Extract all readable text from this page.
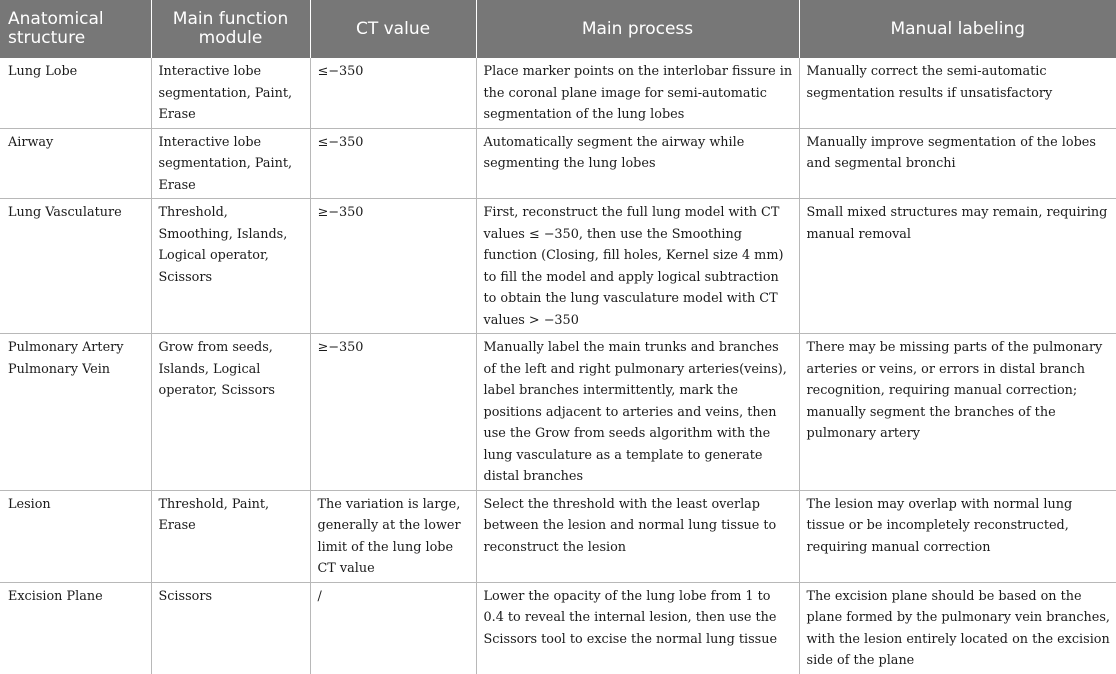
Anatomical structure	Main function module	CT value	Main process	Manual labeling
Lung Lobe	Interactive lobe segmentation, Paint, Erase	≤−350	Place marker points on the interlobar fissure in the coronal plane image for semi-automatic segmentation of the lung lobes	Manually correct the semi-automatic segmentation results if unsatisfactory
Airway	Interactive lobe segmentation, Paint, Erase	≤−350	Automatically segment the airway while segmenting the lung lobes	Manually improve segmentation of the lobes and segmental bronchi
Lung Vasculature	Threshold, Smoothing, Islands, Logical operator, Scissors	≥−350	First, reconstruct the full lung model with CT values ≤ −350, then use the Smoothing function (Closing, fill holes, Kernel size 4 mm) to fill the model and apply logical subtraction to obtain the lung vasculature model with CT values > −350	Small mixed structures may remain, requiring manual removal
Pulmonary Artery Pulmonary Vein	Grow from seeds, Islands, Logical operator, Scissors	≥−350	Manually label the main trunks and branches of the left and right pulmonary arteries(veins), label branches intermittently, mark the positions adjacent to arteries and veins, then use the Grow from seeds algorithm with the lung vasculature as a template to generate distal branches	There may be missing parts of the pulmonary arteries or veins, or errors in distal branch recognition, requiring manual correction; manually segment the branches of the pulmonary artery
Lesion	Threshold, Paint, Erase	The variation is large, generally at the lower limit of the lung lobe CT value	Select the threshold with the least overlap between the lesion and normal lung tissue to reconstruct the lesion	The lesion may overlap with normal lung tissue or be incompletely reconstructed, requiring manual correction
Excision Plane	Scissors	/	Lower the opacity of the lung lobe from 1 to 0.4 to reveal the internal lesion, then use the Scissors tool to excise the normal lung tissue	The excision plane should be based on the plane formed by the pulmonary vein branches, with the lesion entirely located on the excision side of the plane
